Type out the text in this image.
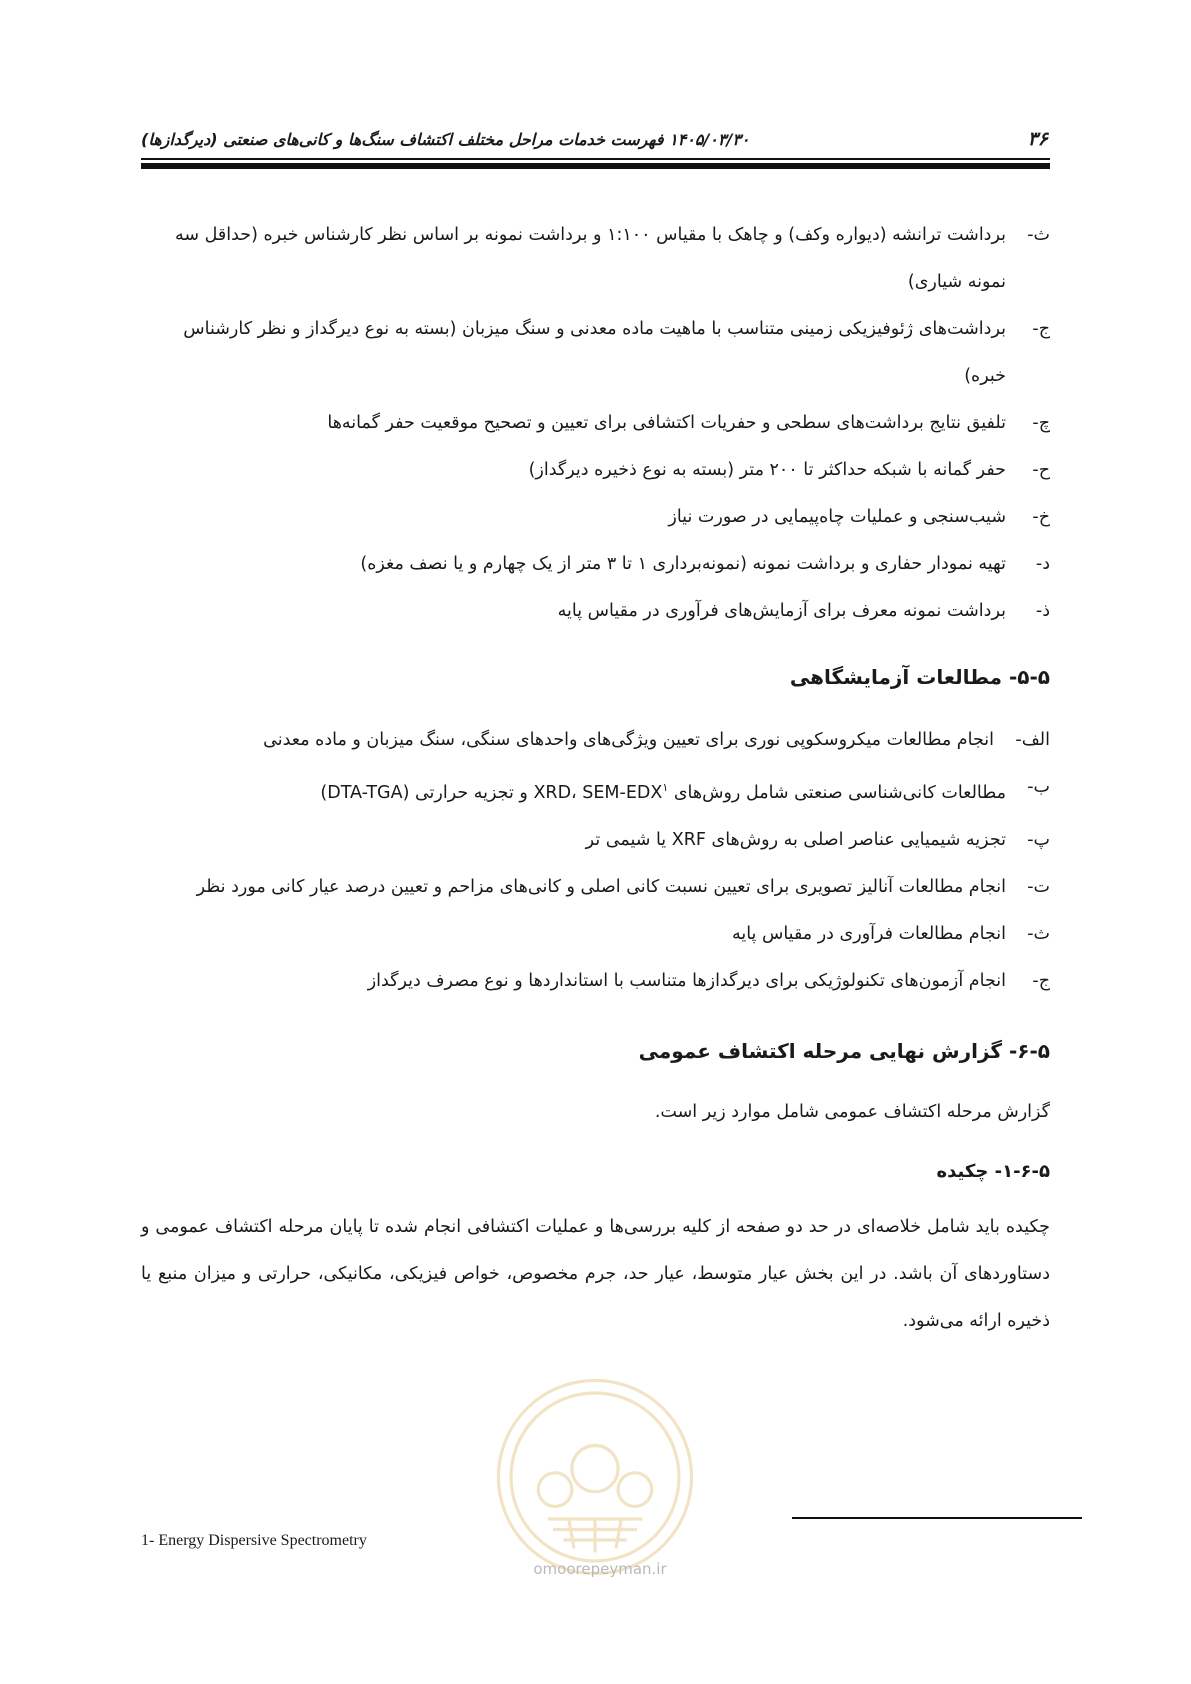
۳۶
۱۴۰۵/۰۳/۳۰ فهرست خدمات مراحل مختلف اکتشاف سنگ‌ها و کانی‌های صنعتی (دیرگدازها)
ث-
برداشت ترانشه (دیواره وکف) و چاهک با مقیاس ۱:۱۰۰ و برداشت نمونه بر اساس نظر کارشناس خبره (حداقل سه نمونه شیاری)
ج-
برداشت‌های ژئوفیزیکی زمینی متناسب با ماهیت ماده معدنی و سنگ میزبان (بسته به نوع دیرگداز و نظر کارشناس خبره)
چ-
تلفیق نتایج برداشت‌های سطحی و حفریات اکتشافی برای تعیین و تصحیح موقعیت حفر گمانه‌ها
ح-
حفر گمانه با شبکه حداکثر تا ۲۰۰ متر (بسته به نوع ذخیره دیرگداز)
خ-
شیب‌سنجی و عملیات چاه‌پیمایی در صورت نیاز
د-
تهیه نمودار حفاری و برداشت نمونه (نمونه‌برداری ۱ تا ۳ متر از یک چهارم و یا نصف مغزه)
ذ-
برداشت نمونه معرف برای آزمایش‌های فرآوری در مقیاس پایه
۵-۵- مطالعات آزمایشگاهی
الف-
انجام مطالعات میکروسکوپی نوری برای تعیین ویژگی‌های واحدهای سنگی، سنگ میزبان و ماده معدنی
ب-
مطالعات کانی‌شناسی صنعتی شامل روش‌های XRD، SEM-EDX$^۱$ و تجزیه حرارتی (DTA-TGA)
پ-
تجزیه شیمیایی عناصر اصلی به روش‌های XRF یا شیمی تر
ت-
انجام مطالعات آنالیز تصویری برای تعیین نسبت کانی اصلی و کانی‌های مزاحم و تعیین درصد عیار کانی مورد نظر
ث-
انجام مطالعات فرآوری در مقیاس پایه
ج-
انجام آزمون‌های تکنولوژیکی برای دیرگدازها متناسب با استانداردها و نوع مصرف دیرگداز
۶-۵- گزارش نهایی مرحله اکتشاف عمومی

گزارش مرحله اکتشاف عمومی شامل موارد زیر است.

۱-۶-۵- چکیده

چکیده باید شامل خلاصه‌ای در حد دو صفحه از کلیه بررسی‌ها و عملیات اکتشافی انجام شده تا پایان مرحله اکتشاف عمومی و دستاوردهای آن باشد. در این بخش عیار متوسط، عیار حد، جرم مخصوص، خواص فیزیکی، مکانیکی، حرارتی و میزان منبع یا ذخیره ارائه می‌شود.

omoorepeyman.ir
1- Energy Dispersive Spectrometry
